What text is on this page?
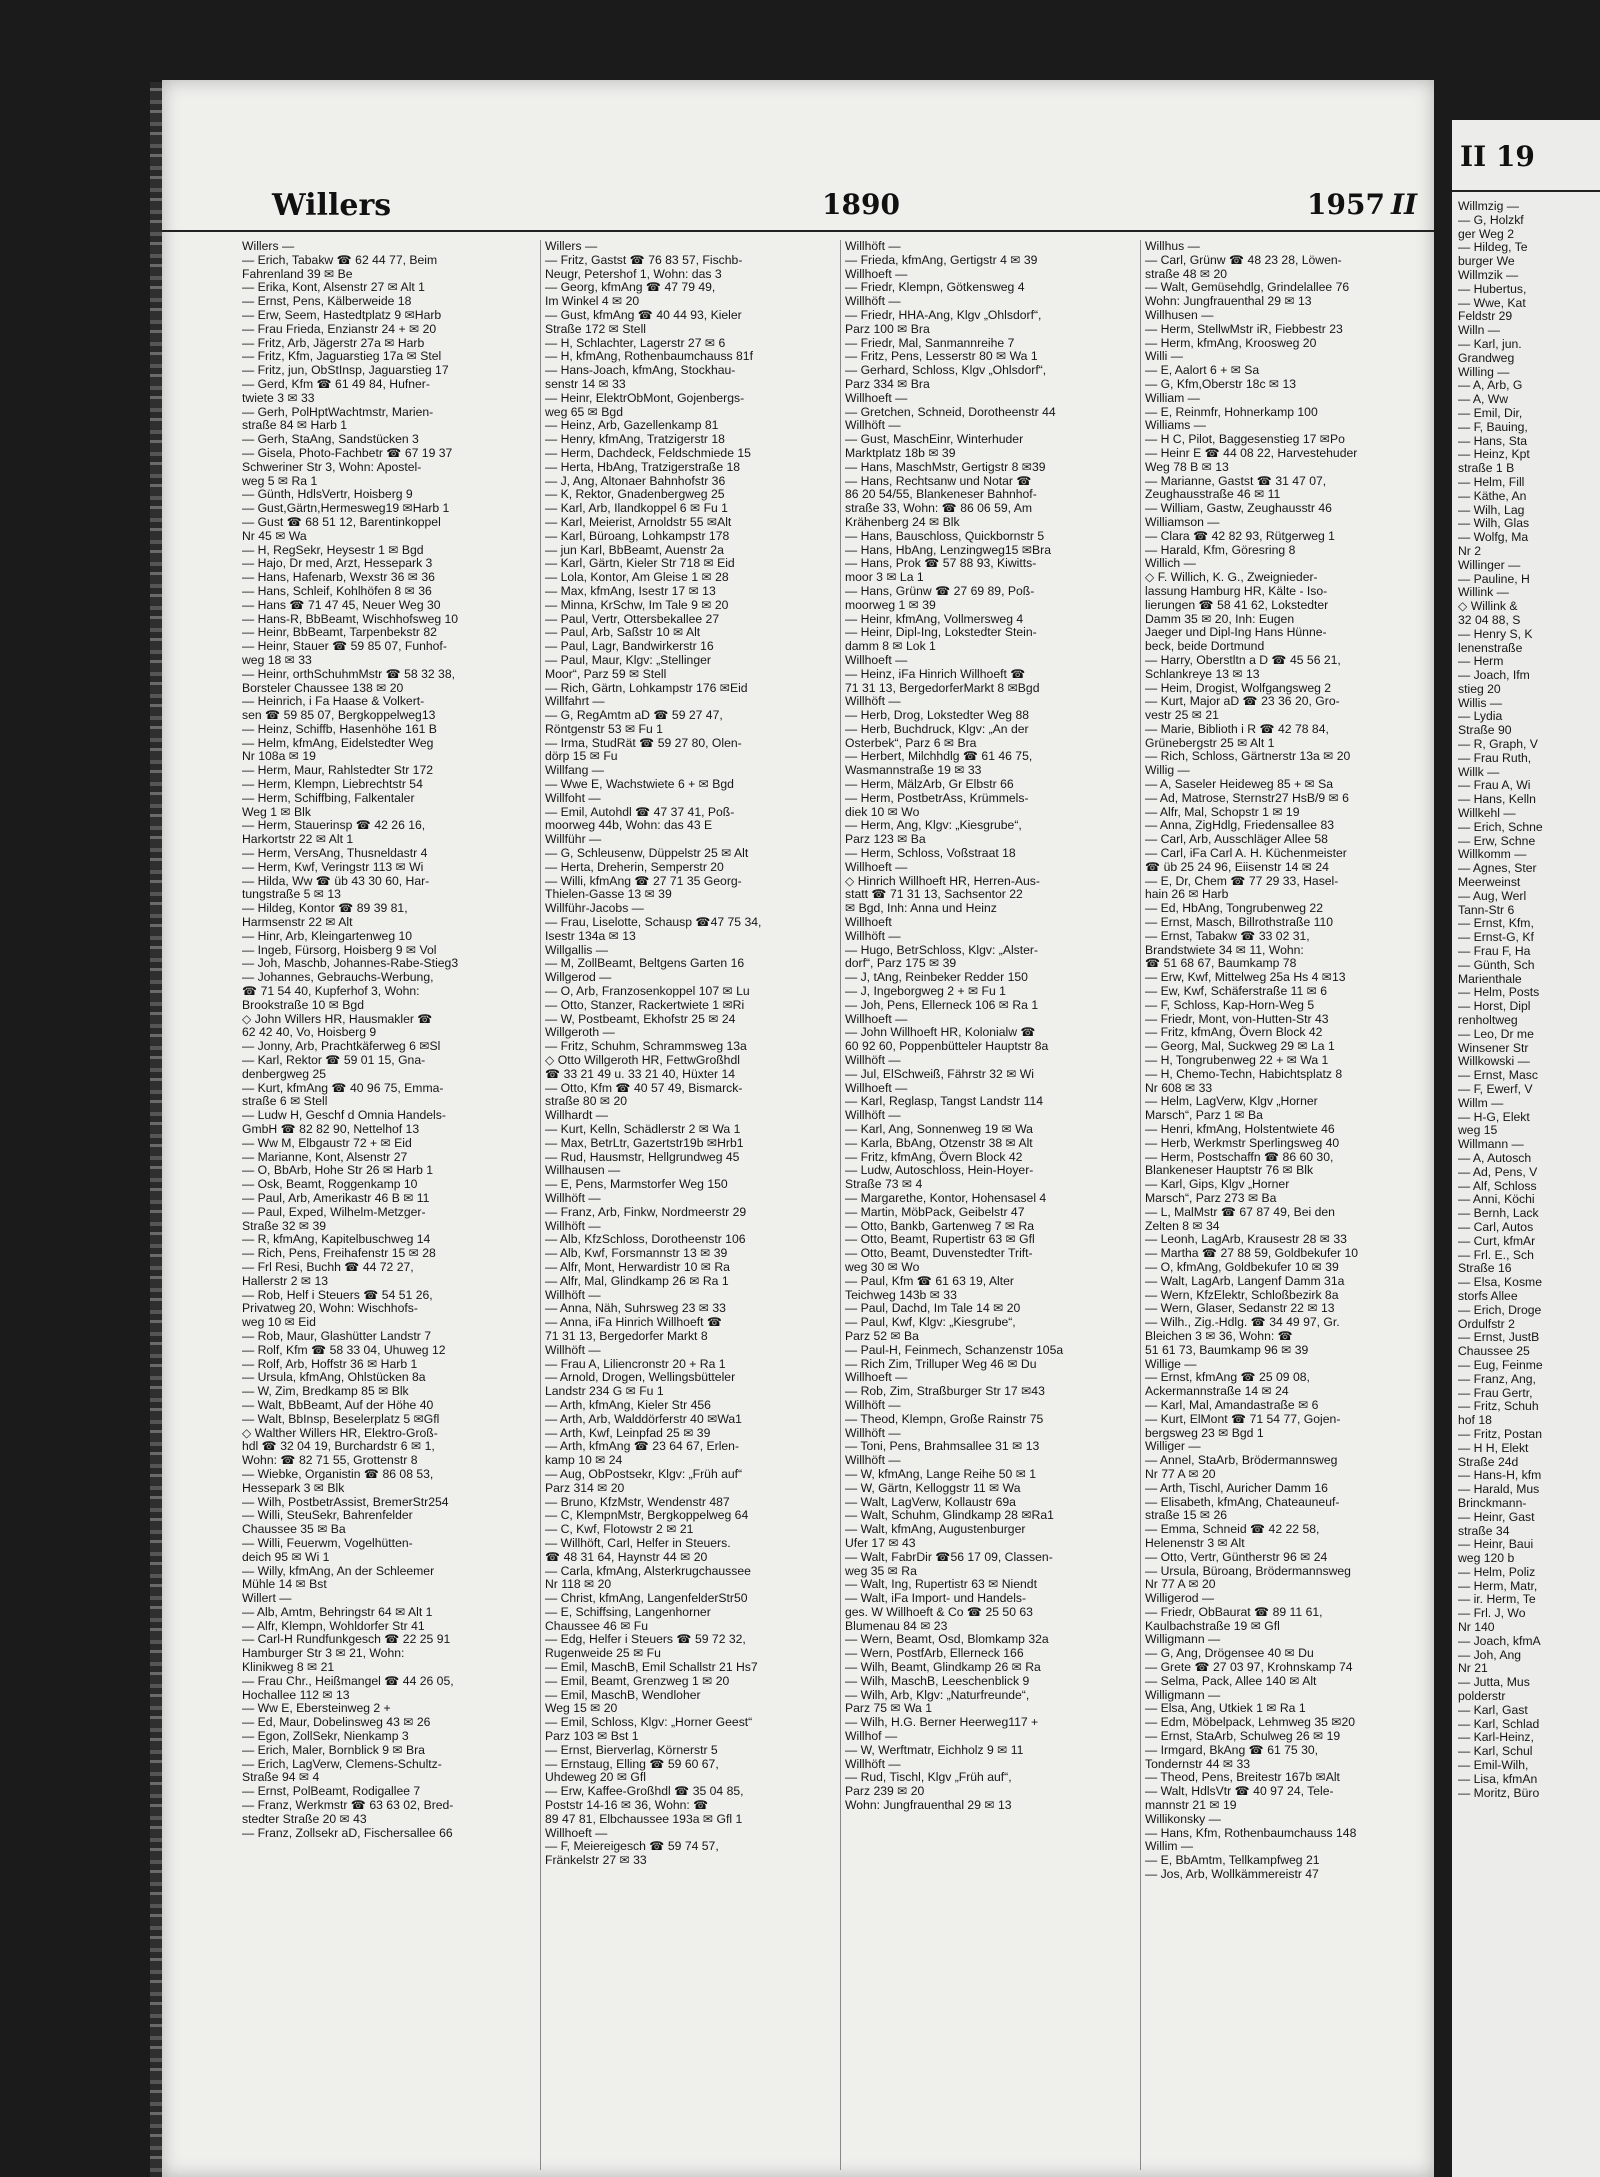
Willers	1890	1957 II
Willers —
— Erich, Tabakw ☎ 62 44 77, Beim
Fahrenland 39 ✉ Be
— Erika, Kont, Alsenstr 27 ✉ Alt 1
— Ernst, Pens, Kälberweide 18
— Erw, Seem, Hastedtplatz 9 ✉Harb
— Frau Frieda, Enzianstr 24 + ✉ 20
— Fritz, Arb, Jägerstr 27a ✉ Harb
— Fritz, Kfm, Jaguarstieg 17a ✉ Stel
— Fritz, jun, ObStInsp, Jaguarstieg 17
— Gerd, Kfm ☎ 61 49 84, Hufner-
twiete 3 ✉ 33
— Gerh, PolHptWachtmstr, Marien-
straße 84 ✉ Harb 1
— Gerh, StaAng, Sandstücken 3
— Gisela, Photo-Fachbetr ☎ 67 19 37
Schweriner Str 3, Wohn: Apostel-
weg 5 ✉ Ra 1
— Günth, HdlsVertr, Hoisberg 9
— Gust,Gärtn,Hermesweg19 ✉Harb 1
— Gust ☎ 68 51 12, Barentinkoppel
Nr 45 ✉ Wa
— H, RegSekr, Heysestr 1 ✉ Bgd
— Hajo, Dr med, Arzt, Hessepark 3
— Hans, Hafenarb, Wexstr 36 ✉ 36
— Hans, Schleif, Kohlhöfen 8 ✉ 36
— Hans ☎ 71 47 45, Neuer Weg 30
— Hans-R, BbBeamt, Wischhofsweg 10
— Heinr, BbBeamt, Tarpenbekstr 82
— Heinr, Stauer ☎ 59 85 07, Funhof-
weg 18 ✉ 33
— Heinr, orthSchuhmMstr ☎ 58 32 38,
Borsteler Chaussee 138 ✉ 20
— Heinrich, i Fa Haase & Volkert-
sen ☎ 59 85 07, Bergkoppelweg13
— Heinz, Schiffb, Hasenhöhe 161 B
— Helm, kfmAng, Eidelstedter Weg
Nr 108a ✉ 19
— Herm, Maur, Rahlstedter Str 172
— Herm, Klempn, Liebrechtstr 54
— Herm, Schiffbing, Falkentaler
Weg 1 ✉ Blk
— Herm, Stauerinsp ☎ 42 26 16,
Harkortstr 22 ✉ Alt 1
— Herm, VersAng, Thusneldastr 4
— Herm, Kwf, Veringstr 113 ✉ Wi
— Hilda, Ww ☎ üb 43 30 60, Har-
tungstraße 5 ✉ 13
— Hildeg, Kontor ☎ 89 39 81,
Harmsenstr 22 ✉ Alt
— Hinr, Arb, Kleingartenweg 10
— Ingeb, Fürsorg, Hoisberg 9 ✉ Vol
— Joh, Maschb, Johannes-Rabe-Stieg3
— Johannes, Gebrauchs-Werbung,
☎ 71 54 40, Kupferhof 3, Wohn:
Brookstraße 10 ✉ Bgd
◇ John Willers HR, Hausmakler ☎
62 42 40, Vo, Hoisberg 9
— Jonny, Arb, Prachtkäferweg 6 ✉Sl
— Karl, Rektor ☎ 59 01 15, Gna-
denbergweg 25
— Kurt, kfmAng ☎ 40 96 75, Emma-
straße 6 ✉ Stell
— Ludw H, Geschf d Omnia Handels-
GmbH ☎ 82 82 90, Nettelhof 13
— Ww M, Elbgaustr 72 + ✉ Eid
— Marianne, Kont, Alsenstr 27
— O, BbArb, Hohe Str 26 ✉ Harb 1
— Osk, Beamt, Roggenkamp 10
— Paul, Arb, Amerikastr 46 B ✉ 11
— Paul, Exped, Wilhelm-Metzger-
Straße 32 ✉ 39
— R, kfmAng, Kapitelbuschweg 14
— Rich, Pens, Freihafenstr 15 ✉ 28
— Frl Resi, Buchh ☎ 44 72 27,
Hallerstr 2 ✉ 13
— Rob, Helf i Steuers ☎ 54 51 26,
Privatweg 20, Wohn: Wischhofs-
weg 10 ✉ Eid
— Rob, Maur, Glashütter Landstr 7
— Rolf, Kfm ☎ 58 33 04, Uhuweg 12
— Rolf, Arb, Hoffstr 36 ✉ Harb 1
— Ursula, kfmAng, Ohlstücken 8a
— W, Zim, Bredkamp 85 ✉ Blk
— Walt, BbBeamt, Auf der Höhe 40
— Walt, BbInsp, Beselerplatz 5 ✉Gfl
◇ Walther Willers HR, Elektro-Groß-
hdl ☎ 32 04 19, Burchardstr 6 ✉ 1,
Wohn: ☎ 82 71 55, Grottenstr 8
— Wiebke, Organistin ☎ 86 08 53,
Hessepark 3 ✉ Blk
— Wilh, PostbetrAssist, BremerStr254
— Willi, SteuSekr, Bahrenfelder
Chaussee 35 ✉ Ba
— Willi, Feuerwm, Vogelhütten-
deich 95 ✉ Wi 1
— Willy, kfmAng, An der Schleemer
Mühle 14 ✉ Bst
Willert —
— Alb, Amtm, Behringstr 64 ✉ Alt 1
— Alfr, Klempn, Wohldorfer Str 41
— Carl-H Rundfunkgesch ☎ 22 25 91
Hamburger Str 3 ✉ 21, Wohn:
Klinikweg 8 ✉ 21
— Frau Chr., Heißmangel ☎ 44 26 05,
Hochallee 112 ✉ 13
— Ww E, Ebersteinweg 2 +
— Ed, Maur, Dobelinsweg 43 ✉ 26
— Egon, ZollSekr, Nienkamp 3
— Erich, Maler, Bornblick 9 ✉ Bra
— Erich, LagVerw, Clemens-Schultz-
Straße 94 ✉ 4
— Ernst, PolBeamt, Rodigallee 7
— Franz, Werkmstr ☎ 63 63 02, Bred-
stedter Straße 20 ✉ 43
— Franz, Zollsekr aD, Fischersallee 66
Willers —
— Fritz, Gastst ☎ 76 83 57, Fischb-
Neugr, Petershof 1, Wohn: das 3
— Georg, kfmAng ☎ 47 79 49,
Im Winkel 4 ✉ 20
— Gust, kfmAng ☎ 40 44 93, Kieler
Straße 172 ✉ Stell
— H, Schlachter, Lagerstr 27 ✉ 6
— H, kfmAng, Rothenbaumchauss 81f
— Hans-Joach, kfmAng, Stockhau-
senstr 14 ✉ 33
— Heinr, ElektrObMont, Gojenbergs-
weg 65 ✉ Bgd
— Heinz, Arb, Gazellenkamp 81
— Henry, kfmAng, Tratzigerstr 18
— Herm, Dachdeck, Feldschmiede 15
— Herta, HbAng, Tratzigerstraße 18
— J, Ang, Altonaer Bahnhofstr 36
— K, Rektor, Gnadenbergweg 25
— Karl, Arb, Ilandkoppel 6 ✉ Fu 1
— Karl, Meierist, Arnoldstr 55 ✉Alt
— Karl, Büroang, Lohkampstr 178
— jun Karl, BbBeamt, Auenstr 2a
— Karl, Gärtn, Kieler Str 718 ✉ Eid
— Lola, Kontor, Am Gleise 1 ✉ 28
— Max, kfmAng, Isestr 17 ✉ 13
— Minna, KrSchw, Im Tale 9 ✉ 20
— Paul, Vertr, Ottersbekallee 27
— Paul, Arb, Saßstr 10 ✉ Alt
— Paul, Lagr, Bandwirkerstr 16
— Paul, Maur, Klgv: „Stellinger
Moor“, Parz 59 ✉ Stell
— Rich, Gärtn, Lohkampstr 176 ✉Eid
Willfahrt —
— G, RegAmtm aD ☎ 59 27 47,
Röntgenstr 53 ✉ Fu 1
— Irma, StudRät ☎ 59 27 80, Olen-
dörp 15 ✉ Fu
Willfang —
— Wwe E, Wachstwiete 6 + ✉ Bgd
Willfoht —
— Emil, Autohdl ☎ 47 37 41, Poß-
moorweg 44b, Wohn: das 43 E
Willführ —
— G, Schleusenw, Düppelstr 25 ✉ Alt
— Herta, Dreherin, Semperstr 20
— Willi, kfmAng ☎ 27 71 35 Georg-
Thielen-Gasse 13 ✉ 39
Willführ-Jacobs —
— Frau, Liselotte, Schausp ☎47 75 34,
Isestr 134a ✉ 13
Willgallis —
— M, ZollBeamt, Beltgens Garten 16
Willgerod —
— O, Arb, Franzosenkoppel 107 ✉ Lu
— Otto, Stanzer, Rackertwiete 1 ✉Ri
— W, Postbeamt, Ekhofstr 25 ✉ 24
Willgeroth —
— Fritz, Schuhm, Schrammsweg 13a
◇ Otto Willgeroth HR, FettwGroßhdl
☎ 33 21 49 u. 33 21 40, Hüxter 14
— Otto, Kfm ☎ 40 57 49, Bismarck-
straße 80 ✉ 20
Willhardt —
— Kurt, Kelln, Schädlerstr 2 ✉ Wa 1
— Max, BetrLtr, Gazertstr19b ✉Hrb1
— Rud, Hausmstr, Hellgrundweg 45
Willhausen —
— E, Pens, Marmstorfer Weg 150
Willhöft —
— Franz, Arb, Finkw, Nordmeerstr 29
Willhöft —
— Alb, KfzSchloss, Dorotheenstr 106
— Alb, Kwf, Forsmannstr 13 ✉ 39
— Alfr, Mont, Herwardistr 10 ✉ Ra
— Alfr, Mal, Glindkamp 26 ✉ Ra 1
Willhöft —
— Anna, Näh, Suhrsweg 23 ✉ 33
— Anna, iFa Hinrich Willhoeft ☎
71 31 13, Bergedorfer Markt 8
Willhöft —
— Frau A, Liliencronstr 20 + Ra 1
— Arnold, Drogen, Wellingsbütteler
Landstr 234 G ✉ Fu 1
— Arth, kfmAng, Kieler Str 456
— Arth, Arb, Walddörferstr 40 ✉Wa1
— Arth, Kwf, Leinpfad 25 ✉ 39
— Arth, kfmAng ☎ 23 64 67, Erlen-
kamp 10 ✉ 24
— Aug, ObPostsekr, Klgv: „Früh auf“
Parz 314 ✉ 20
— Bruno, KfzMstr, Wendenstr 487
— C, KlempnMstr, Bergkoppelweg 64
— C, Kwf, Flotowstr 2 ✉ 21
— Willhöft, Carl, Helfer in Steuers.
☎ 48 31 64, Haynstr 44 ✉ 20
— Carla, kfmAng, Alsterkrugchaussee
Nr 118 ✉ 20
— Christ, kfmAng, LangenfelderStr50
— E, Schiffsing, Langenhorner
Chaussee 46 ✉ Fu
— Edg, Helfer i Steuers ☎ 59 72 32,
Rugenweide 25 ✉ Fu
— Emil, MaschB, Emil Schallstr 21 Hs7
— Emil, Beamt, Grenzweg 1 ✉ 20
— Emil, MaschB, Wendloher
Weg 15 ✉ 20
— Emil, Schloss, Klgv: „Horner Geest“
Parz 103 ✉ Bst 1
— Ernst, Bierverlag, Körnerstr 5
— Ernstaug, Elling ☎ 59 60 67,
Uhdeweg 20 ✉ Gfl
— Erw, Kaffee-Großhdl ☎ 35 04 85,
Poststr 14-16 ✉ 36, Wohn: ☎
89 47 81, Elbchaussee 193a ✉ Gfl 1
Willhoeft —
— F, Meiereigesch ☎ 59 74 57,
Fränkelstr 27 ✉ 33
Willhöft —
— Frieda, kfmAng, Gertigstr 4 ✉ 39
Willhoeft —
— Friedr, Klempn, Götkensweg 4
Willhöft —
— Friedr, HHA-Ang, Klgv „Ohlsdorf“,
Parz 100 ✉ Bra
— Friedr, Mal, Sanmannreihe 7
— Fritz, Pens, Lesserstr 80 ✉ Wa 1
— Gerhard, Schloss, Klgv „Ohlsdorf“,
Parz 334 ✉ Bra
Willhoeft —
— Gretchen, Schneid, Dorotheenstr 44
Willhöft —
— Gust, MaschEinr, Winterhuder
Marktplatz 18b ✉ 39
— Hans, MaschMstr, Gertigstr 8 ✉39
— Hans, Rechtsanw und Notar ☎
86 20 54/55, Blankeneser Bahnhof-
straße 33, Wohn: ☎ 86 06 59, Am
Krähenberg 24 ✉ Blk
— Hans, Bauschloss, Quickbornstr 5
— Hans, HbAng, Lenzingweg15 ✉Bra
— Hans, Prok ☎ 57 88 93, Kiwitts-
moor 3 ✉ La 1
— Hans, Grünw ☎ 27 69 89, Poß-
moorweg 1 ✉ 39
— Heinr, kfmAng, Vollmersweg 4
— Heinr, Dipl-Ing, Lokstedter Stein-
damm 8 ✉ Lok 1
Willhoeft —
— Heinz, iFa Hinrich Willhoeft ☎
71 31 13, BergedorferMarkt 8 ✉Bgd
Willhöft —
— Herb, Drog, Lokstedter Weg 88
— Herb, Buchdruck, Klgv: „An der
Osterbek“, Parz 6 ✉ Bra
— Herbert, Milchhdlg ☎ 61 46 75,
Wasmannstraße 19 ✉ 33
— Herm, MälzArb, Gr Elbstr 66
— Herm, PostbetrAss, Krümmels-
diek 10 ✉ Wo
— Herm, Ang, Klgv: „Kiesgrube“,
Parz 123 ✉ Ba
— Herm, Schloss, Voßstraat 18
Willhoeft —
◇ Hinrich Willhoeft HR, Herren-Aus-
statt ☎ 71 31 13, Sachsentor 22
✉ Bgd, Inh: Anna und Heinz
Willhoeft
Willhöft —
— Hugo, BetrSchloss, Klgv: „Alster-
dorf“, Parz 175 ✉ 39
— J, tAng, Reinbeker Redder 150
— J, Ingeborgweg 2 + ✉ Fu 1
— Joh, Pens, Ellerneck 106 ✉ Ra 1
Willhoeft —
— John Willhoeft HR, Kolonialw ☎
60 92 60, Poppenbütteler Hauptstr 8a
Willhöft —
— Jul, ElSchweiß, Fährstr 32 ✉ Wi
Willhoeft —
— Karl, Reglasp, Tangst Landstr 114
Willhöft —
— Karl, Ang, Sonnenweg 19 ✉ Wa
— Karla, BbAng, Otzenstr 38 ✉ Alt
— Fritz, kfmAng, Övern Block 42
— Ludw, Autoschloss, Hein-Hoyer-
Straße 73 ✉ 4
— Margarethe, Kontor, Hohensasel 4
— Martin, MöbPack, Geibelstr 47
— Otto, Bankb, Gartenweg 7 ✉ Ra
— Otto, Beamt, Rupertistr 63 ✉ Gfl
— Otto, Beamt, Duvenstedter Trift-
weg 30 ✉ Wo
— Paul, Kfm ☎ 61 63 19, Alter
Teichweg 143b ✉ 33
— Paul, Dachd, Im Tale 14 ✉ 20
— Paul, Kwf, Klgv: „Kiesgrube“,
Parz 52 ✉ Ba
— Paul-H, Feinmech, Schanzenstr 105a
— Rich Zim, Trilluper Weg 46 ✉ Du
Willhoeft —
— Rob, Zim, Straßburger Str 17 ✉43
Willhöft —
— Theod, Klempn, Große Rainstr 75
Willhöft —
— Toni, Pens, Brahmsallee 31 ✉ 13
Willhöft —
— W, kfmAng, Lange Reihe 50 ✉ 1
— W, Gärtn, Kelloggstr 11 ✉ Wa
— Walt, LagVerw, Kollaustr 69a
— Walt, Schuhm, Glindkamp 28 ✉Ra1
— Walt, kfmAng, Augustenburger
Ufer 17 ✉ 43
— Walt, FabrDir ☎56 17 09, Classen-
weg 35 ✉ Ra
— Walt, Ing, Rupertistr 63 ✉ Niendt
— Walt, iFa Import- und Handels-
ges. W Willhoeft & Co ☎ 25 50 63
Blumenau 84 ✉ 23
— Wern, Beamt, Osd, Blomkamp 32a
— Wern, PostfArb, Ellerneck 166
— Wilh, Beamt, Glindkamp 26 ✉ Ra
— Wilh, MaschB, Leeschenblick 9
— Wilh, Arb, Klgv: „Naturfreunde“,
Parz 75 ✉ Wa 1
— Wilh, H.G. Berner Heerweg117 +
Willhof —
— W, Werftmatr, Eichholz 9 ✉ 11
Willhöft —
— Rud, Tischl, Klgv „Früh auf“,
Parz 239 ✉ 20
Wohn: Jungfrauenthal 29 ✉ 13
Willhus —
— Carl, Grünw ☎ 48 23 28, Löwen-
straße 48 ✉ 20
— Walt, Gemüsehdlg, Grindelallee 76
Wohn: Jungfrauenthal 29 ✉ 13
Willhusen —
— Herm, StellwMstr iR, Fiebbestr 23
— Herm, kfmAng, Krooswеg 20
Willi —
— E, Aalort 6 + ✉ Sa
— G, Kfm,Oberstr 18c ✉ 13
William —
— E, Reinmfr, Hohnerkamp 100
Williams —
— H C, Pilot, Baggesenstieg 17 ✉Po
— Heinr E ☎ 44 08 22, Harvestehuder
Weg 78 B ✉ 13
— Marianne, Gastst ☎ 31 47 07,
Zeughausstraße 46 ✉ 11
— William, Gastw, Zeughausstr 46
Williamson —
— Clara ☎ 42 82 93, Rütgerweg 1
— Harald, Kfm, Göresring 8
Willich —
◇ F. Willich, K. G., Zweignieder-
lassung Hamburg HR, Kälte - Iso-
lierungen ☎ 58 41 62, Lokstedter
Damm 35 ✉ 20, Inh: Eugen
Jaeger und Dipl-Ing Hans Hünne-
beck, beide Dortmund
— Harry, Oberstltn a D ☎ 45 56 21,
Schlankreye 13 ✉ 13
— Heim, Drogist, Wolfgangsweg 2
— Kurt, Major aD ☎ 23 36 20, Gro-
vestr 25 ✉ 21
— Marie, Biblioth i R ☎ 42 78 84,
Grünebergstr 25 ✉ Alt 1
— Rich, Schloss, Gärtnerstr 13a ✉ 20
Willig —
— A, Saseler Heideweg 85 + ✉ Sa
— Ad, Matrose, Sternstr27 HsB/9 ✉ 6
— Alfr, Mal, Schopstr 1 ✉ 19
— Anna, ZigHdlg, Friedensallee 83
— Carl, Arb, Ausschläger Allee 58
— Carl, iFa Carl A. H. Küchenmeister
☎ üb 25 24 96, Eiisenstr 14 ✉ 24
— E, Dr, Chem ☎ 77 29 33, Hasel-
hain 26 ✉ Harb
— Ed, HbAng, Tongrubenweg 22
— Ernst, Masch, Billrothstraße 110
— Ernst, Tabakw ☎ 33 02 31,
Brandstwiete 34 ✉ 11, Wohn:
☎ 51 68 67, Baumkamp 78
— Erw, Kwf, Mittelweg 25a Hs 4 ✉13
— Ew, Kwf, Schäferstraße 11 ✉ 6
— F, Schloss, Kap-Horn-Weg 5
— Friedr, Mont, von-Hutten-Str 43
— Fritz, kfmAng, Övern Block 42
— Georg, Mal, Suckweg 29 ✉ La 1
— H, Tongrubenweg 22 + ✉ Wa 1
— H, Chemo-Techn, Habichtsplatz 8
Nr 608 ✉ 33
— Helm, LagVerw, Klgv „Horner
Marsch“, Parz 1 ✉ Ba
— Henri, kfmAng, Holstentwiete 46
— Herb, Werkmstr Sperlingsweg 40
— Herm, Postschaffn ☎ 86 60 30,
Blankeneser Hauptstr 76 ✉ Blk
— Karl, Gips, Klgv „Horner
Marsch“, Parz 273 ✉ Ba
— L, MalMstr ☎ 67 87 49, Bei den
Zelten 8 ✉ 34
— Leonh, LagArb, Krausestr 28 ✉ 33
— Martha ☎ 27 88 59, Goldbekufer 10
— O, kfmAng, Goldbekufer 10 ✉ 39
— Walt, LagArb, Langenf Damm 31a
— Wern, KfzElektr, Schloßbezirk 8a
— Wern, Glaser, Sedanstr 22 ✉ 13
— Wilh., Zig.-Hdlg. ☎ 34 49 97, Gr.
Bleichen 3 ✉ 36, Wohn: ☎
51 61 73, Baumkamp 96 ✉ 39
Willige —
— Ernst, kfmAng ☎ 25 09 08,
Ackermannstraße 14 ✉ 24
— Karl, Mal, Amandastraße ✉ 6
— Kurt, ElMont ☎ 71 54 77, Gojen-
bergsweg 23 ✉ Bgd 1
Williger —
— Annel, StaArb, Brödermannsweg
Nr 77 A ✉ 20
— Arth, Tischl, Auricher Damm 16
— Elisabeth, kfmAng, Chateauneuf-
straße 15 ✉ 26
— Emma, Schneid ☎ 42 22 58,
Helenenstr 3 ✉ Alt
— Otto, Vertr, Güntherstr 96 ✉ 24
— Ursula, Büroang, Brödermannsweg
Nr 77 A ✉ 20
Willigerod —
— Friedr, ObBaurat ☎ 89 11 61,
Kaulbachstraße 19 ✉ Gfl
Willigmann —
— G, Ang, Drögensee 40 ✉ Du
— Grete ☎ 27 03 97, Krohnskamp 74
— Selma, Pack, Allee 140 ✉ Alt
Willigmann —
— Elsa, Ang, Utkiek 1 ✉ Ra 1
— Edm, Möbelpack, Lehmweg 35 ✉20
— Ernst, StaArb, Schulweg 26 ✉ 19
— Irmgard, BkAng ☎ 61 75 30,
Tondernstr 44 ✉ 33
— Theod, Pens, Breitestr 167b ✉Alt
— Walt, HdlsVtr ☎ 40 97 24, Tele-
mannstr 21 ✉ 19
Willikonsky —
— Hans, Kfm, Rothenbaumchauss 148
Willim —
— E, BbAmtm, Tellkampfweg 21
— Jos, Arb, Wollkämmereistr 47
II 19
Willmzig —
— G, Holzkf
ger Weg 2
— Hildeg, Te
burger We
Willmzik —
— Hubertus,
— Wwe, Kat
Feldstr 29
Willn —
— Karl, jun.
Grandweg
Willing —
— A, Arb, G
— A, Ww
— Emil, Dir,
— F, Bauing,
— Hans, Sta
— Heinz, Kpt
straße 1 B
— Helm, Fill
— Käthe, An
— Wilh, Lag
— Wilh, Glas
— Wolfg, Ma
Nr 2
Willinger —
— Pauline, H
Willink —
◇ Willink &
32 04 88, S
— Henry S, K
lenenstraße
— Herm
— Joach, Ifm
stieg 20
Willis —
— Lydia
Straße 90
— R, Graph, V
— Frau Ruth,
Willk —
— Frau A, Wi
— Hans, Kelln
Willkehl —
— Erich, Schne
— Erw, Schne
Willkomm —
— Agnes, Ster
Meerweinst
— Aug, Werl
Tann-Str 6
— Ernst, Kfm,
— Ernst-G, Kf
— Frau F, Ha
— Günth, Sch
Marienthale
— Helm, Posts
— Horst, Dipl
renholtweg
— Leo, Dr me
Winsener Str
Willkowski —
— Ernst, Masc
— F, Ewerf, V
Willm —
— H-G, Elekt
weg 15
Willmann —
— A, Autosch
— Ad, Pens, V
— Alf, Schloss
— Anni, Köchi
— Bernh, Lack
— Carl, Autos
— Curt, kfmAr
— Frl. E., Sch
Straße 16
— Elsa, Kosme
storfs Allee
— Erich, Droge
Ordulfstr 2
— Ernst, JustB
Chaussee 25
— Eug, Feinme
— Franz, Ang,
— Frau Gertr,
— Fritz, Schuh
hof 18
— Fritz, Postan
— H H, Elekt
Straße 24d
— Hans-H, kfm
— Harald, Mus
Brinckmann-
— Heinr, Gast
straße 34
— Heinr, Baui
weg 120 b
— Helm, Poliz
— Herm, Matr,
— ir. Herm, Te
— Frl. J, Wo
Nr 140
— Joach, kfmA
— Joh, Ang
Nr 21
— Jutta, Mus
polderstr
— Karl, Gast
— Karl, Schlad
— Karl-Heinz,
— Karl, Schul
— Emil-Wilh,
— Lisa, kfmAn
— Moritz, Büro
